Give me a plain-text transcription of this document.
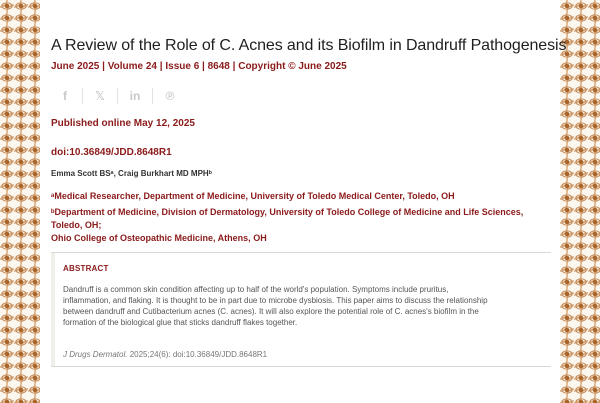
A Review of the Role of C. Acnes and its Biofilm in Dandruff Pathogenesis
June 2025 | Volume 24 | Issue 6 | 8648 | Copyright © June 2025
f	𝕏	in	℗
Published online May 12, 2025
doi:10.36849/JDD.8648R1
Emma Scott BSᵃ, Craig Burkhart MD MPHᵇ
ᵃMedical Researcher, Department of Medicine, University of Toledo Medical Center, Toledo, OH
ᵇDepartment of Medicine, Division of Dermatology, University of Toledo College of Medicine and Life Sciences,
Toledo, OH;
Ohio College of Osteopathic Medicine, Athens, OH
ABSTRACT

Dandruff is a common skin condition affecting up to half of the world's population. Symptoms include pruritus,
inflammation, and flaking. It is thought to be in part due to microbe dysbiosis. This paper aims to discuss the relationship
between dandruff and Cutibacterium acnes (C. acnes). It will also explore the potential role of C. acnes's biofilm in the
formation of the biological glue that sticks dandruff flakes together.

J Drugs Dermatol. 2025;24(6): doi:10.36849/JDD.8648R1
